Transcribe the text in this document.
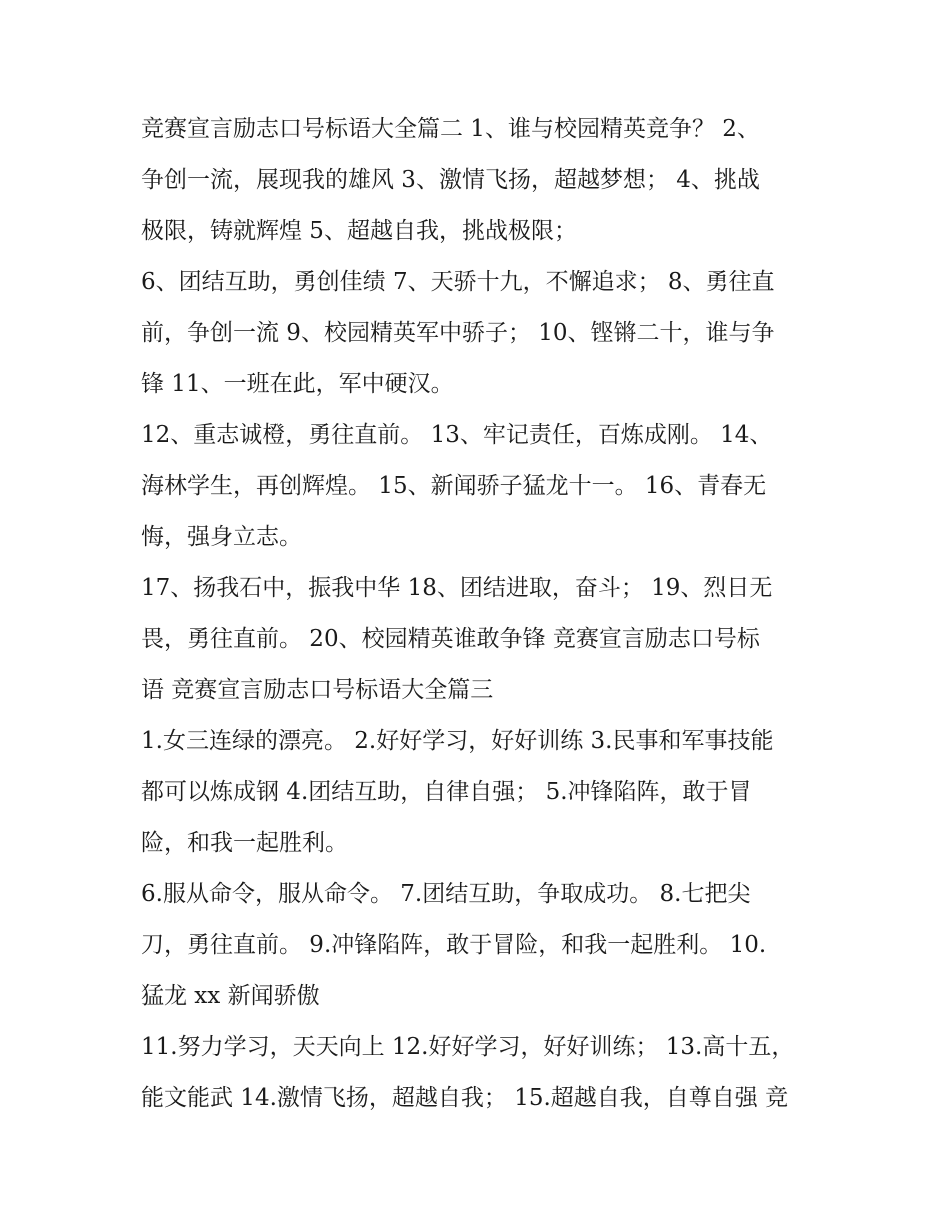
竞赛宣言励志口号标语大全篇二 1、谁与校园精英竞争？ 2、
争创一流，展现我的雄风 3、激情飞扬，超越梦想； 4、挑战
极限，铸就辉煌 5、超越自我，挑战极限；

6、团结互助，勇创佳绩 7、天骄十九，不懈追求； 8、勇往直
前，争创一流 9、校园精英军中骄子； 10、铿锵二十，谁与争
锋 11、一班在此，军中硬汉。

12、重志诚橙，勇往直前。 13、牢记责任，百炼成刚。 14、
海林学生，再创辉煌。 15、新闻骄子猛龙十一。 16、青春无
悔，强身立志。

17、扬我石中，振我中华 18、团结进取，奋斗； 19、烈日无
畏，勇往直前。 20、校园精英谁敢争锋 竞赛宣言励志口号标
语 竞赛宣言励志口号标语大全篇三

1.女三连绿的漂亮。 2.好好学习，好好训练 3.民事和军事技能
都可以炼成钢 4.团结互助，自律自强； 5.冲锋陷阵，敢于冒
险，和我一起胜利。

6.服从命令，服从命令。 7.团结互助，争取成功。 8.七把尖
刀，勇往直前。 9.冲锋陷阵，敢于冒险，和我一起胜利。 10.
猛龙 xx 新闻骄傲

11.努力学习，天天向上 12.好好学习，好好训练； 13.高十五，
能文能武 14.激情飞扬，超越自我； 15.超越自我，自尊自强 竞
